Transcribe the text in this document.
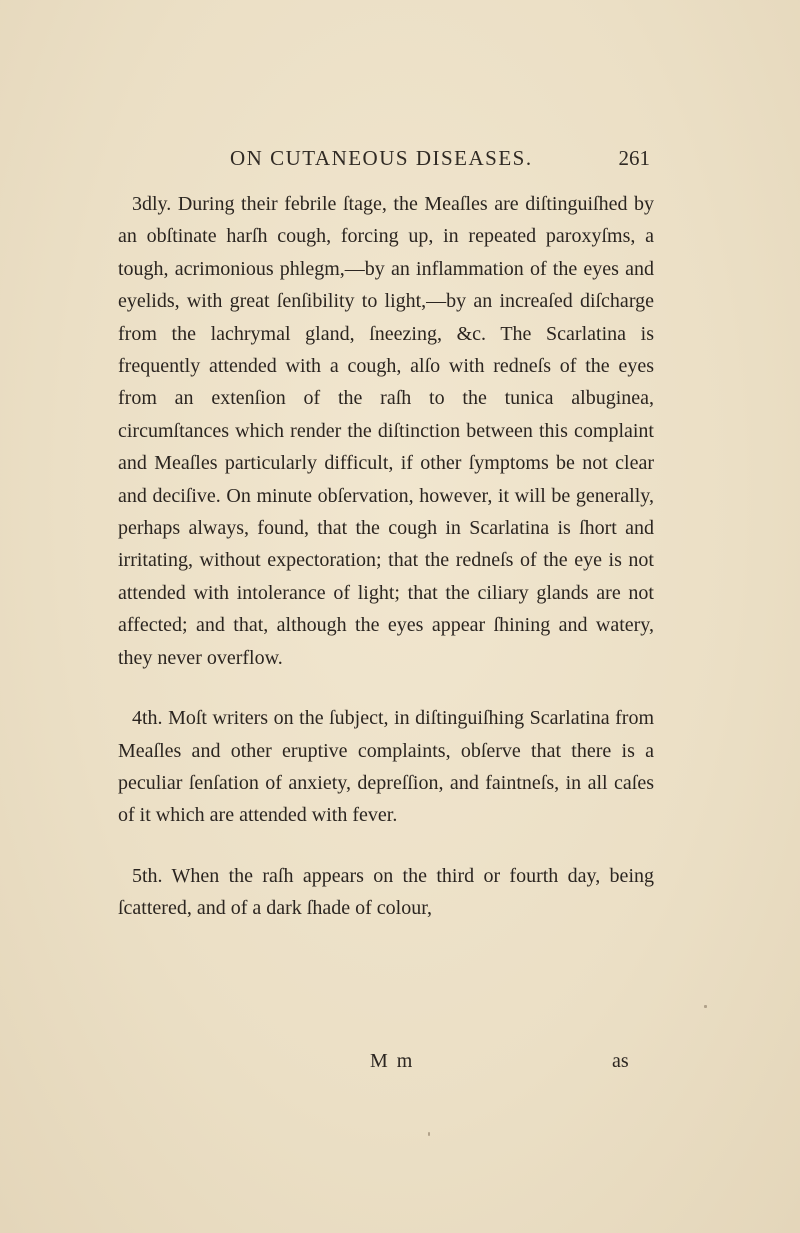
ON CUTANEOUS DISEASES.	261

3dly. During their febrile ſtage, the Meaſles are diſtinguiſhed by an obſtinate harſh cough, forcing up, in repeated paroxyſms, a tough, acrimonious phlegm,—by an inflammation of the eyes and eyelids, with great ſenſibility to light,—by an increaſed diſcharge from the lachrymal gland, ſneezing, &c. The Scarlatina is frequently attended with a cough, alſo with redneſs of the eyes from an extenſion of the raſh to the tunica albuginea, circumſtances which render the diſtinction between this complaint and Meaſles particularly difficult, if other ſymptoms be not clear and deciſive. On minute obſervation, however, it will be generally, perhaps always, found, that the cough in Scarlatina is ſhort and irritating, without expectoration; that the redneſs of the eye is not attended with intolerance of light; that the ciliary glands are not affected; and that, although the eyes appear ſhining and watery, they never overflow.

4th. Moſt writers on the ſubject, in diſtinguiſhing Scarlatina from Meaſles and other eruptive complaints, obſerve that there is a peculiar ſenſation of anxiety, depreſſion, and faintneſs, in all caſes of it which are attended with fever.

5th. When the raſh appears on the third or fourth day, being ſcattered, and of a dark ſhade of colour,

M m	as
